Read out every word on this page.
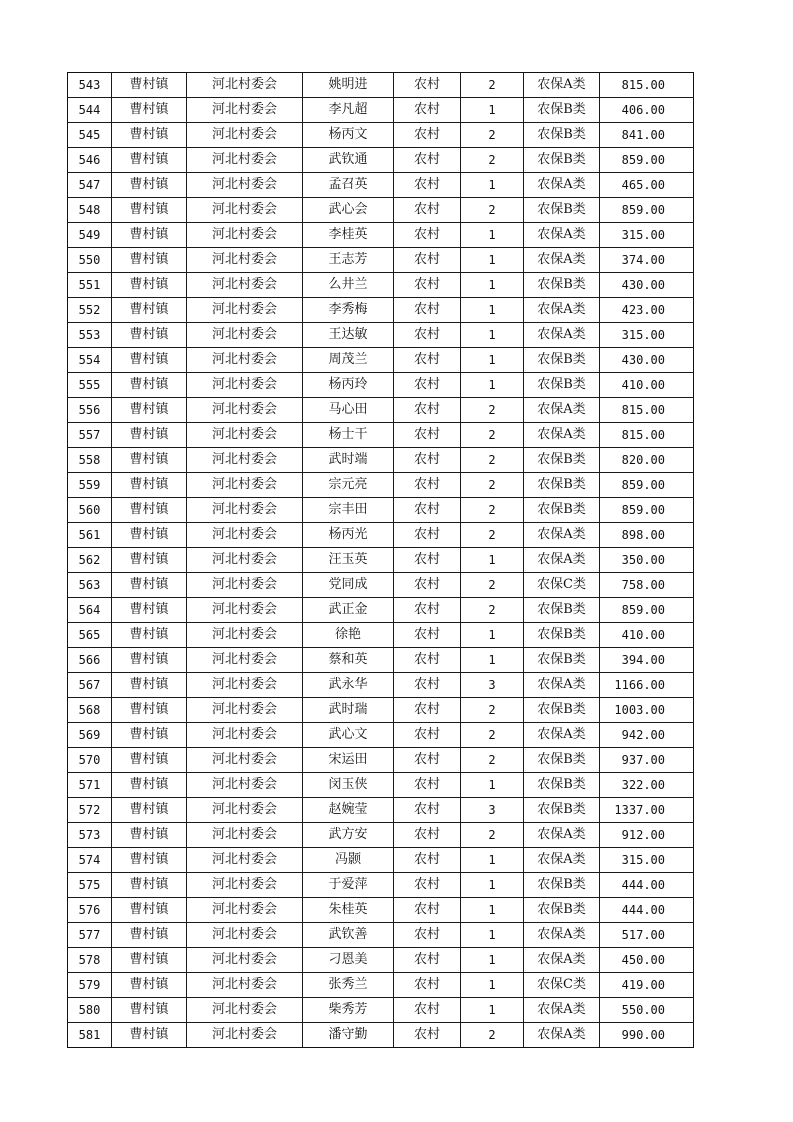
543	曹村镇	河北村委会	姚明进	农村	2	农保A类	815.00
544	曹村镇	河北村委会	李凡超	农村	1	农保B类	406.00
545	曹村镇	河北村委会	杨丙文	农村	2	农保B类	841.00
546	曹村镇	河北村委会	武钦通	农村	2	农保B类	859.00
547	曹村镇	河北村委会	孟召英	农村	1	农保A类	465.00
548	曹村镇	河北村委会	武心会	农村	2	农保B类	859.00
549	曹村镇	河北村委会	李桂英	农村	1	农保A类	315.00
550	曹村镇	河北村委会	王志芳	农村	1	农保A类	374.00
551	曹村镇	河北村委会	么井兰	农村	1	农保B类	430.00
552	曹村镇	河北村委会	李秀梅	农村	1	农保A类	423.00
553	曹村镇	河北村委会	王达敏	农村	1	农保A类	315.00
554	曹村镇	河北村委会	周茂兰	农村	1	农保B类	430.00
555	曹村镇	河北村委会	杨丙玲	农村	1	农保B类	410.00
556	曹村镇	河北村委会	马心田	农村	2	农保A类	815.00
557	曹村镇	河北村委会	杨士干	农村	2	农保A类	815.00
558	曹村镇	河北村委会	武时端	农村	2	农保B类	820.00
559	曹村镇	河北村委会	宗元亮	农村	2	农保B类	859.00
560	曹村镇	河北村委会	宗丰田	农村	2	农保B类	859.00
561	曹村镇	河北村委会	杨丙光	农村	2	农保A类	898.00
562	曹村镇	河北村委会	汪玉英	农村	1	农保A类	350.00
563	曹村镇	河北村委会	党同成	农村	2	农保C类	758.00
564	曹村镇	河北村委会	武正金	农村	2	农保B类	859.00
565	曹村镇	河北村委会	徐艳	农村	1	农保B类	410.00
566	曹村镇	河北村委会	蔡和英	农村	1	农保B类	394.00
567	曹村镇	河北村委会	武永华	农村	3	农保A类	1166.00
568	曹村镇	河北村委会	武时瑞	农村	2	农保B类	1003.00
569	曹村镇	河北村委会	武心文	农村	2	农保A类	942.00
570	曹村镇	河北村委会	宋运田	农村	2	农保B类	937.00
571	曹村镇	河北村委会	闵玉侠	农村	1	农保B类	322.00
572	曹村镇	河北村委会	赵婉莹	农村	3	农保B类	1337.00
573	曹村镇	河北村委会	武方安	农村	2	农保A类	912.00
574	曹村镇	河北村委会	冯颢	农村	1	农保A类	315.00
575	曹村镇	河北村委会	于爱萍	农村	1	农保B类	444.00
576	曹村镇	河北村委会	朱桂英	农村	1	农保B类	444.00
577	曹村镇	河北村委会	武钦善	农村	1	农保A类	517.00
578	曹村镇	河北村委会	刁恩美	农村	1	农保A类	450.00
579	曹村镇	河北村委会	张秀兰	农村	1	农保C类	419.00
580	曹村镇	河北村委会	柴秀芳	农村	1	农保A类	550.00
581	曹村镇	河北村委会	潘守勤	农村	2	农保A类	990.00
